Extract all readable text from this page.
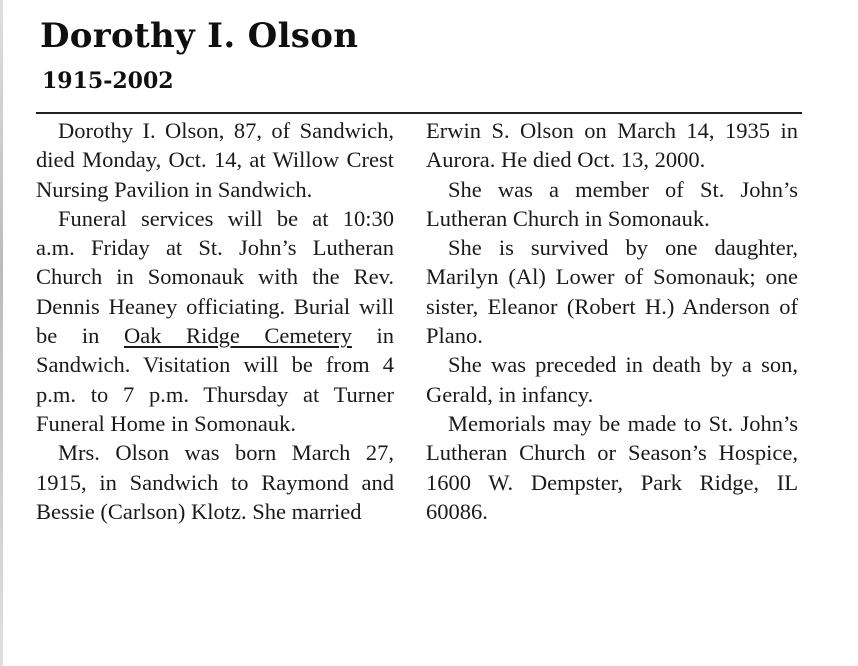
Dorothy I. Olson
1915-2002

Dorothy I. Olson, 87, of Sandwich, died Monday, Oct. 14, at Willow Crest Nursing Pavilion in Sandwich.

Funeral services will be at 10:30 a.m. Friday at St. John’s Lutheran Church in Somonauk with the Rev. Dennis Heaney officiating. Burial will be in Oak Ridge Cemetery in Sandwich. Visitation will be from 4 p.m. to 7 p.m. Thursday at Turner Funeral Home in Somonauk.

Mrs. Olson was born March 27, 1915, in Sandwich to Raymond and Bessie (Carlson) Klotz. She married

Erwin S. Olson on March 14, 1935 in Aurora. He died Oct. 13, 2000.

She was a member of St. John’s Lutheran Church in Somonauk.

She is survived by one daughter, Marilyn (Al) Lower of Somonauk; one sister, Eleanor (Robert H.) Anderson of Plano.

She was preceded in death by a son, Gerald, in infancy.

Memorials may be made to St. John’s Lutheran Church or Season’s Hospice, 1600 W. Dempster, Park Ridge, IL 60086.
